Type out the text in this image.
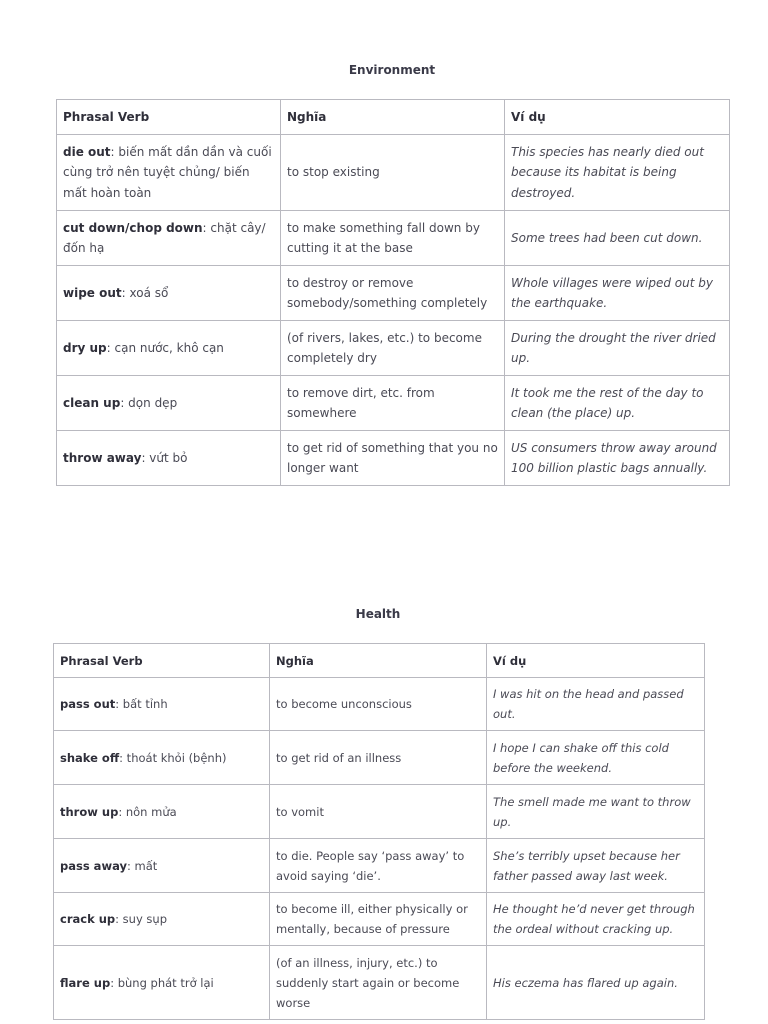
Environment
Phrasal Verb	Nghĩa	Ví dụ
die out: biến mất dần dần và cuối cùng trở nên tuyệt chủng/ biến mất hoàn toàn	to stop existing	This species has nearly died out because its habitat is being destroyed.
cut down/chop down: chặt cây/ đốn hạ	to make something fall down by cutting it at the base	Some trees had been cut down.
wipe out: xoá sổ	to destroy or remove somebody/something completely	Whole villages were wiped out by the earthquake.
dry up: cạn nước, khô cạn	(of rivers, lakes, etc.) to become completely dry	During the drought the river dried up.
clean up: dọn dẹp	to remove dirt, etc. from somewhere	It took me the rest of the day to clean (the place) up.
throw away: vứt bỏ	to get rid of something that you no longer want	US consumers throw away around 100 billion plastic bags annually.
Health
Phrasal Verb	Nghĩa	Ví dụ
pass out: bất tỉnh	to become unconscious	I was hit on the head and passed out.
shake off: thoát khỏi (bệnh)	to get rid of an illness	I hope I can shake off this cold before the weekend.
throw up: nôn mửa	to vomit	The smell made me want to throw up.
pass away: mất	to die. People say ‘pass away’ to avoid saying ‘die’.	She’s terribly upset because her father passed away last week.
crack up: suy sụp	to become ill, either physically or mentally, because of pressure	He thought he’d never get through the ordeal without cracking up.
flare up: bùng phát trở lại	(of an illness, injury, etc.) to suddenly start again or become worse	His eczema has flared up again.
